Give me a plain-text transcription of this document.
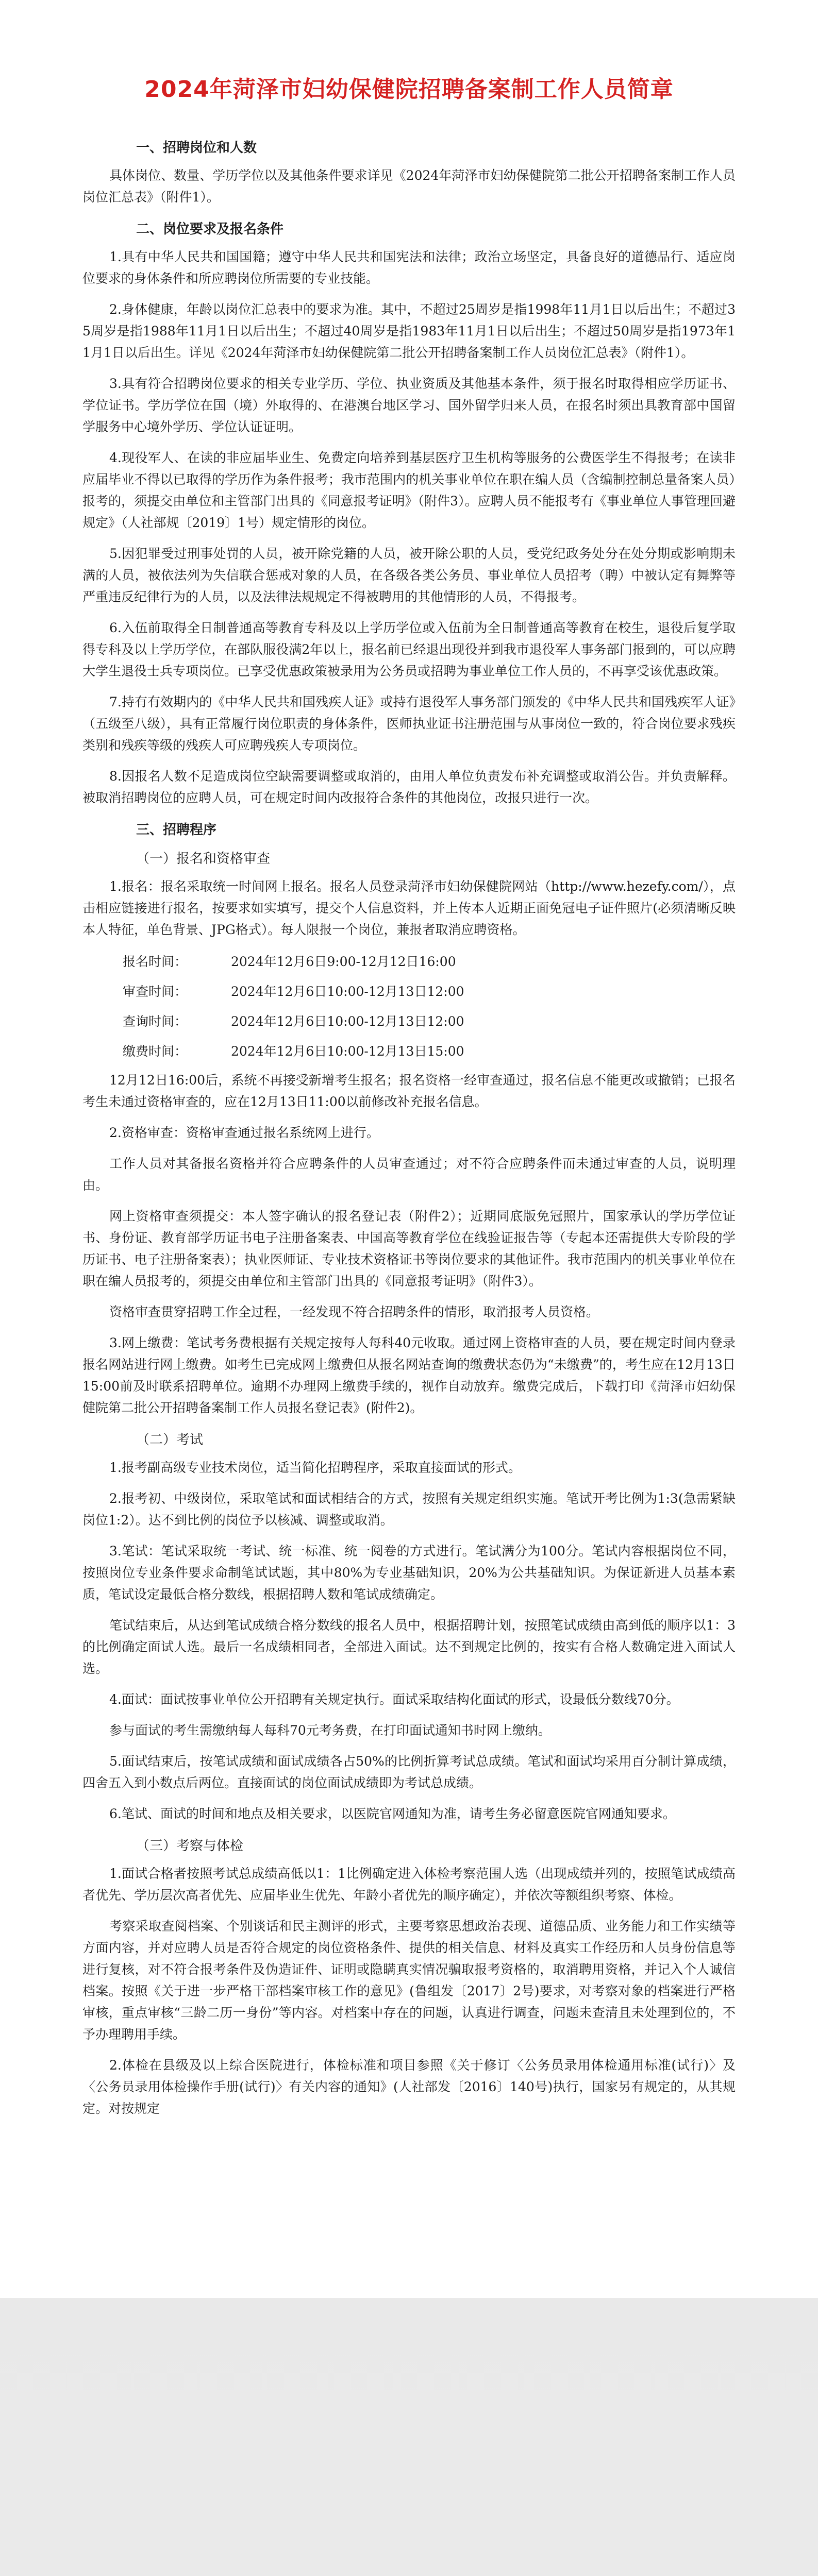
2024年菏泽市妇幼保健院招聘备案制工作人员简章
一、招聘岗位和人数
具体岗位、数量、学历学位以及其他条件要求详见《2024年菏泽市妇幼保健院第二批公开招聘备案制工作人员岗位汇总表》（附件1）。
二、岗位要求及报名条件
1.具有中华人民共和国国籍；遵守中华人民共和国宪法和法律；政治立场坚定，具备良好的道德品行、适应岗位要求的身体条件和所应聘岗位所需要的专业技能。
2.身体健康，年龄以岗位汇总表中的要求为准。其中，不超过25周岁是指1998年11月1日以后出生；不超过35周岁是指1988年11月1日以后出生；不超过40周岁是指1983年11月1日以后出生；不超过50周岁是指1973年11月1日以后出生。详见《2024年菏泽市妇幼保健院第二批公开招聘备案制工作人员岗位汇总表》（附件1）。
3.具有符合招聘岗位要求的相关专业学历、学位、执业资质及其他基本条件，须于报名时取得相应学历证书、学位证书。学历学位在国（境）外取得的、在港澳台地区学习、国外留学归来人员，在报名时须出具教育部中国留学服务中心境外学历、学位认证证明。
4.现役军人、在读的非应届毕业生、免费定向培养到基层医疗卫生机构等服务的公费医学生不得报考；在读非应届毕业不得以已取得的学历作为条件报考；我市范围内的机关事业单位在职在编人员（含编制控制总量备案人员）报考的，须提交由单位和主管部门出具的《同意报考证明》（附件3）。应聘人员不能报考有《事业单位人事管理回避规定》（人社部规〔2019〕1号）规定情形的岗位。
5.因犯罪受过刑事处罚的人员，被开除党籍的人员，被开除公职的人员，受党纪政务处分在处分期或影响期未满的人员，被依法列为失信联合惩戒对象的人员，在各级各类公务员、事业单位人员招考（聘）中被认定有舞弊等严重违反纪律行为的人员，以及法律法规规定不得被聘用的其他情形的人员，不得报考。
6.入伍前取得全日制普通高等教育专科及以上学历学位或入伍前为全日制普通高等教育在校生，退役后复学取得专科及以上学历学位，在部队服役满2年以上，报名前已经退出现役并到我市退役军人事务部门报到的，可以应聘大学生退役士兵专项岗位。已享受优惠政策被录用为公务员或招聘为事业单位工作人员的，不再享受该优惠政策。
7.持有有效期内的《中华人民共和国残疾人证》或持有退役军人事务部门颁发的《中华人民共和国残疾军人证》（五级至八级），具有正常履行岗位职责的身体条件，医师执业证书注册范围与从事岗位一致的，符合岗位要求残疾类别和残疾等级的残疾人可应聘残疾人专项岗位。
8.因报名人数不足造成岗位空缺需要调整或取消的，由用人单位负责发布补充调整或取消公告。并负责解释。被取消招聘岗位的应聘人员，可在规定时间内改报符合条件的其他岗位，改报只进行一次。
三、招聘程序
（一）报名和资格审查
1.报名：报名采取统一时间网上报名。报名人员登录菏泽市妇幼保健院网站（http://www.hezefy.com/），点击相应链接进行报名，按要求如实填写，提交个人信息资料，并上传本人近期正面免冠电子证件照片(必须清晰反映本人特征，单色背景、JPG格式）。每人限报一个岗位，兼报者取消应聘资格。
报名时间：	2024年12月6日9:00-12月12日16:00
审查时间：	2024年12月6日10:00-12月13日12:00
查询时间：	2024年12月6日10:00-12月13日12:00
缴费时间：	2024年12月6日10:00-12月13日15:00
12月12日16:00后，系统不再接受新增考生报名；报名资格一经审查通过，报名信息不能更改或撤销；已报名考生未通过资格审查的，应在12月13日11:00以前修改补充报名信息。
2.资格审查：资格审查通过报名系统网上进行。
工作人员对其备报名资格并符合应聘条件的人员审查通过；对不符合应聘条件而未通过审查的人员，说明理由。
网上资格审查须提交：本人签字确认的报名登记表（附件2）；近期同底版免冠照片，国家承认的学历学位证书、身份证、教育部学历证书电子注册备案表、中国高等教育学位在线验证报告等（专起本还需提供大专阶段的学历证书、电子注册备案表）；执业医师证、专业技术资格证书等岗位要求的其他证件。我市范围内的机关事业单位在职在编人员报考的，须提交由单位和主管部门出具的《同意报考证明》（附件3）。
资格审查贯穿招聘工作全过程，一经发现不符合招聘条件的情形，取消报考人员资格。
3.网上缴费：笔试考务费根据有关规定按每人每科40元收取。通过网上资格审查的人员，要在规定时间内登录报名网站进行网上缴费。如考生已完成网上缴费但从报名网站查询的缴费状态仍为“未缴费”的，考生应在12月13日15:00前及时联系招聘单位。逾期不办理网上缴费手续的，视作自动放弃。缴费完成后，下载打印《菏泽市妇幼保健院第二批公开招聘备案制工作人员报名登记表》(附件2)。
（二）考试
1.报考副高级专业技术岗位，适当简化招聘程序，采取直接面试的形式。
2.报考初、中级岗位，采取笔试和面试相结合的方式，按照有关规定组织实施。笔试开考比例为1:3(急需紧缺岗位1:2）。达不到比例的岗位予以核减、调整或取消。
3.笔试：笔试采取统一考试、统一标准、统一阅卷的方式进行。笔试满分为100分。笔试内容根据岗位不同，按照岗位专业条件要求命制笔试试题，其中80%为专业基础知识，20%为公共基础知识。为保证新进人员基本素质，笔试设定最低合格分数线，根据招聘人数和笔试成绩确定。
笔试结束后，从达到笔试成绩合格分数线的报名人员中，根据招聘计划，按照笔试成绩由高到低的顺序以1：3的比例确定面试人选。最后一名成绩相同者，全部进入面试。达不到规定比例的，按实有合格人数确定进入面试人选。
4.面试：面试按事业单位公开招聘有关规定执行。面试采取结构化面试的形式，设最低分数线70分。
参与面试的考生需缴纳每人每科70元考务费，在打印面试通知书时网上缴纳。
5.面试结束后，按笔试成绩和面试成绩各占50%的比例折算考试总成绩。笔试和面试均采用百分制计算成绩，四舍五入到小数点后两位。直接面试的岗位面试成绩即为考试总成绩。
6.笔试、面试的时间和地点及相关要求，以医院官网通知为准，请考生务必留意医院官网通知要求。
（三）考察与体检
1.面试合格者按照考试总成绩高低以1：1比例确定进入体检考察范围人选（出现成绩并列的，按照笔试成绩高者优先、学历层次高者优先、应届毕业生优先、年龄小者优先的顺序确定），并依次等额组织考察、体检。
考察采取查阅档案、个别谈话和民主测评的形式，主要考察思想政治表现、道德品质、业务能力和工作实绩等方面内容，并对应聘人员是否符合规定的岗位资格条件、提供的相关信息、材料及真实工作经历和人员身份信息等进行复核，对不符合报考条件及伪造证件、证明或隐瞒真实情况骗取报考资格的，取消聘用资格，并记入个人诚信档案。按照《关于进一步严格干部档案审核工作的意见》(鲁组发〔2017〕2号)要求，对考察对象的档案进行严格审核，重点审核“三龄二历一身份”等内容。对档案中存在的问题，认真进行调查，问题未查清且未处理到位的，不予办理聘用手续。
2.体检在县级及以上综合医院进行，体检标准和项目参照《关于修订〈公务员录用体检通用标准(试行)〉及〈公务员录用体检操作手册(试行)〉有关内容的通知》(人社部发〔2016〕140号)执行，国家另有规定的，从其规定。对按规定
